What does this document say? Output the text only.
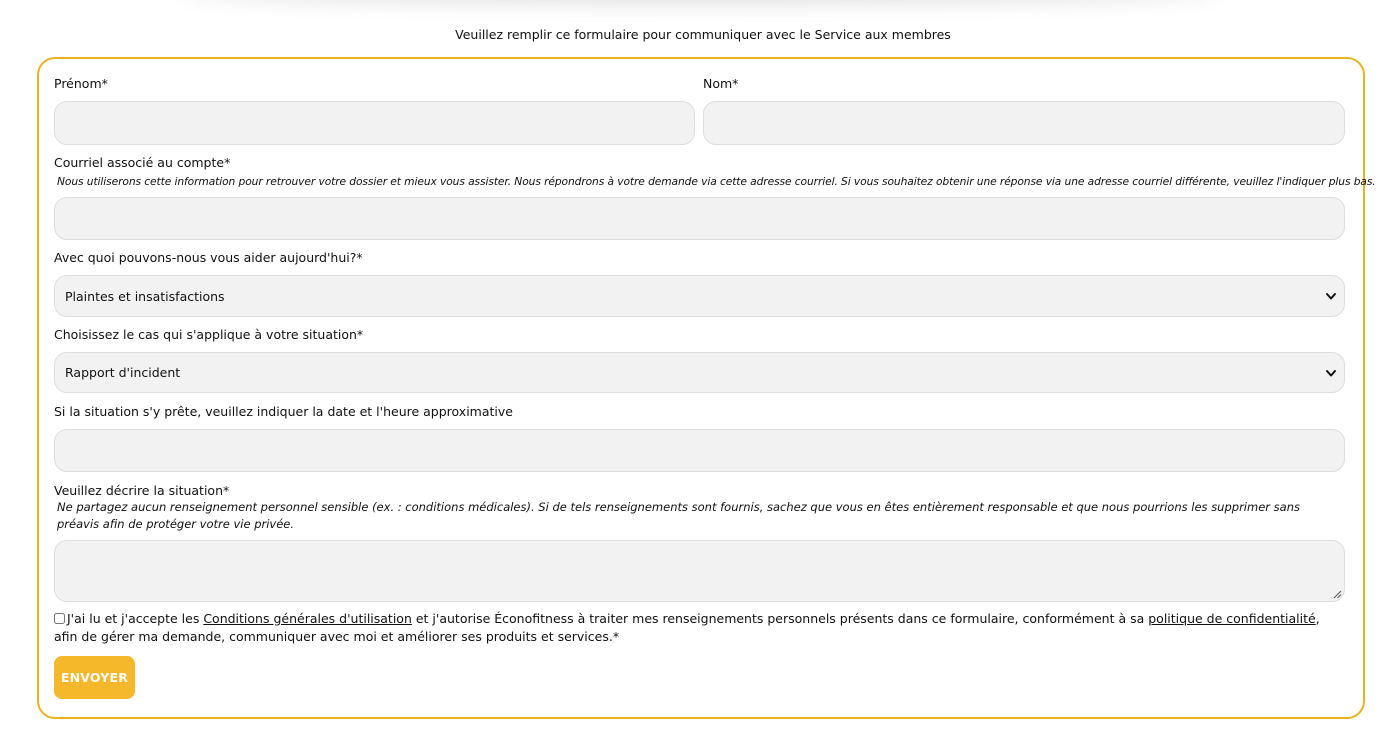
Veuillez remplir ce formulaire pour communiquer avec le Service aux membres
Prénom*	Nom*
Courriel associé au compte*
Nous utiliserons cette information pour retrouver votre dossier et mieux vous assister. Nous répondrons à votre demande via cette adresse courriel. Si vous souhaitez obtenir une réponse via une adresse courriel différente, veuillez l'indiquer plus bas.
Avec quoi pouvons-nous vous aider aujourd'hui?*
Plaintes et insatisfactions
Choisissez le cas qui s'applique à votre situation*
Rapport d'incident
Si la situation s'y prête, veuillez indiquer la date et l'heure approximative
Veuillez décrire la situation*
Ne partagez aucun renseignement personnel sensible (ex. : conditions médicales). Si de tels renseignements sont fournis, sachez que vous en êtes entièrement responsable et que nous pourrions les supprimer sans préavis afin de protéger votre vie privée.
J'ai lu et j'accepte les Conditions générales d'utilisation et j'autorise Éconofitness à traiter mes renseignements personnels présents dans ce formulaire, conformément à sa politique de confidentialité, afin de gérer ma demande, communiquer avec moi et améliorer ses produits et services.*
ENVOYER
